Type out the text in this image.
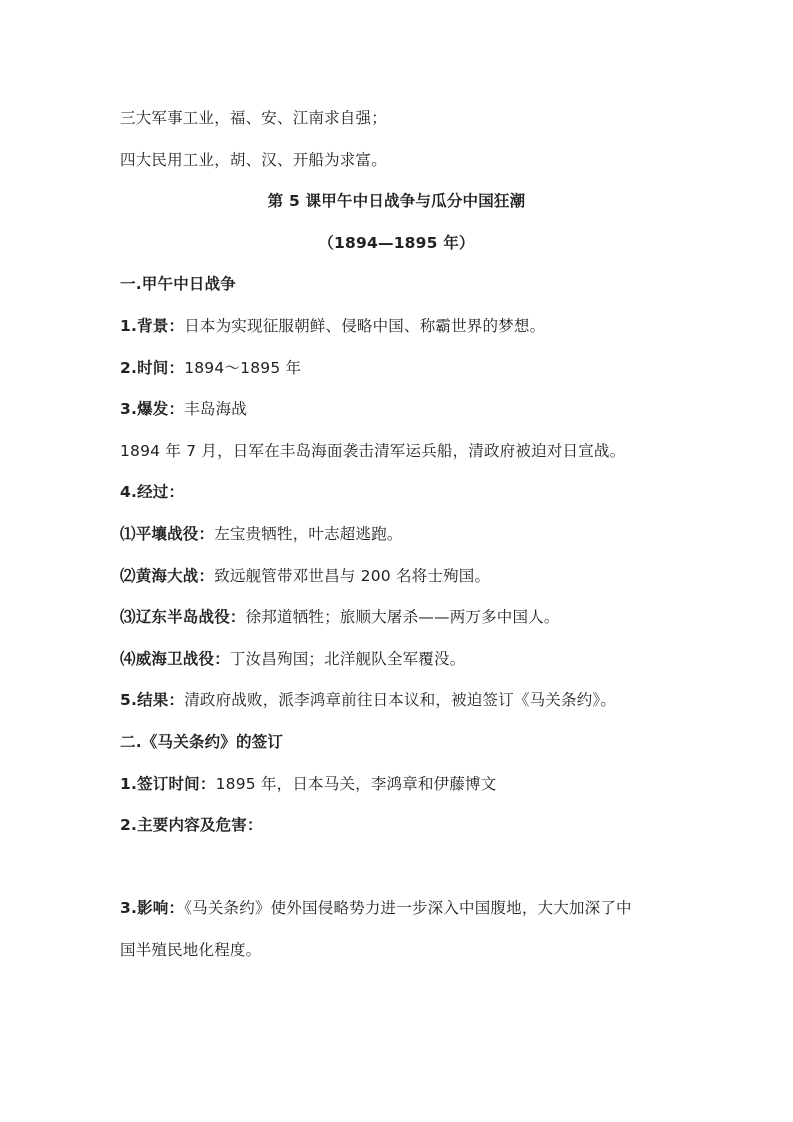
三大军事工业，福、安、江南求自强；
四大民用工业，胡、汉、开船为求富。
第 5 课甲午中日战争与瓜分中国狂潮
（1894—1895 年）
一.甲午中日战争
1.背景：日本为实现征服朝鲜、侵略中国、称霸世界的梦想。
2.时间：1894～1895 年
3.爆发：丰岛海战
1894 年 7 月，日军在丰岛海面袭击清军运兵船，清政府被迫对日宣战。
4.经过：
⑴平壤战役：左宝贵牺牲，叶志超逃跑。
⑵黄海大战：致远舰管带邓世昌与 200 名将士殉国。
⑶辽东半岛战役：徐邦道牺牲；旅顺大屠杀——两万多中国人。
⑷威海卫战役：丁汝昌殉国；北洋舰队全军覆没。
5.结果：清政府战败，派李鸿章前往日本议和，被迫签订《马关条约》。
二.《马关条约》的签订
1.签订时间：1895 年，日本马关，李鸿章和伊藤博文
2.主要内容及危害：
3.影响：《马关条约》使外国侵略势力进一步深入中国腹地，大大加深了中
国半殖民地化程度。
